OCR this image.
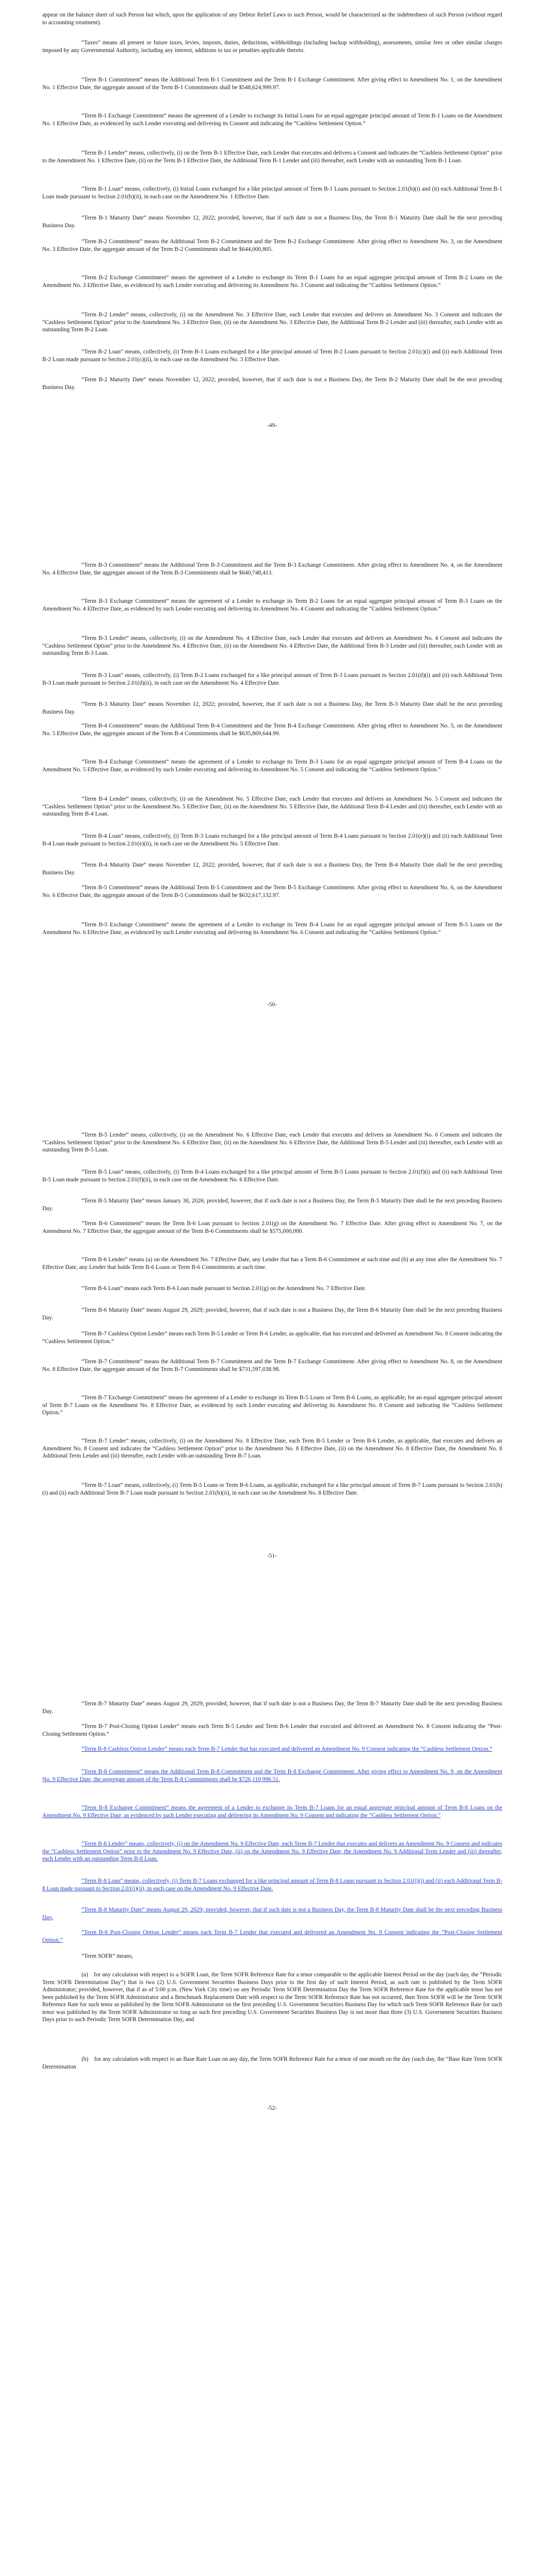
appear on the balance sheet of such Person but which, upon the application of any Debtor Relief Laws to such Person, would be characterized as the indebtedness of such Person (without regard to accounting treatment).

“Taxes” means all present or future taxes, levies, imposts, duties, deductions, withholdings (including backup withholding), assessments, similar fees or other similar charges imposed by any Governmental Authority, including any interest, additions to tax or penalties applicable thereto.

“Term B-1 Commitment” means the Additional Term B-1 Commitment and the Term B-1 Exchange Commitment. After giving effect to Amendment No. 1, on the Amendment No. 1 Effective Date, the aggregate amount of the Term B-1 Commitments shall be $548,624,999.97.

“Term B-1 Exchange Commitment” means the agreement of a Lender to exchange its Initial Loans for an equal aggregate principal amount of Term B-1 Loans on the Amendment No. 1 Effective Date, as evidenced by such Lender executing and delivering its Consent and indicating the “Cashless Settlement Option.”

“Term B-1 Lender” means, collectively, (i) on the Term B-1 Effective Date, each Lender that executes and delivers a Consent and indicates the “Cashless Settlement Option” prior to the Amendment No. 1 Effective Date, (ii) on the Term B-1 Effective Date, the Additional Term B-1 Lender and (iii) thereafter, each Lender with an outstanding Term B-1 Loan.

“Term B-1 Loan” means, collectively, (i) Initial Loans exchanged for a like principal amount of Term B-1 Loans pursuant to Section 2.01(b)(i) and (ii) each Additional Term B-1 Loan made pursuant to Section 2.01(b)(ii), in each case on the Amendment No. 1 Effective Date.

“Term B-1 Maturity Date” means November 12, 2022; provided, however, that if such date is not a Business Day, the Term B-1 Maturity Date shall be the next preceding Business Day.

“Term B-2 Commitment” means the Additional Term B-2 Commitment and the Term B-2 Exchange Commitment. After giving effect to Amendment No. 3, on the Amendment No. 3 Effective Date, the aggregate amount of the Term B-2 Commitments shall be $644,000,805.

“Term B-2 Exchange Commitment” means the agreement of a Lender to exchange its Term B-1 Loans for an equal aggregate principal amount of Term B-2 Loans on the Amendment No. 3 Effective Date, as evidenced by such Lender executing and delivering its Amendment No. 3 Consent and indicating the “Cashless Settlement Option.”

“Term B-2 Lender” means, collectively, (i) on the Amendment No. 3 Effective Date, each Lender that executes and delivers an Amendment No. 3 Consent and indicates the “Cashless Settlement Option” prior to the Amendment No. 3 Effective Date, (ii) on the Amendment No. 3 Effective Date, the Additional Term B-2 Lender and (iii) thereafter, each Lender with an outstanding Term B-2 Loan.

“Term B-2 Loan” means, collectively, (i) Term B-1 Loans exchanged for a like principal amount of Term B-2 Loans pursuant to Section 2.01(c)(i) and (ii) each Additional Term B-2 Loan made pursuant to Section 2.01(c)(ii), in each case on the Amendment No. 3 Effective Date.

“Term B-2 Maturity Date” means November 12, 2022; provided, however, that if such date is not a Business Day, the Term B-2 Maturity Date shall be the next preceding Business Day.

-49-

“Term B-3 Commitment” means the Additional Term B-3 Commitment and the Term B-3 Exchange Commitment. After giving effect to Amendment No. 4, on the Amendment No. 4 Effective Date, the aggregate amount of the Term B-3 Commitments shall be $640,748,413.

“Term B-3 Exchange Commitment” means the agreement of a Lender to exchange its Term B-2 Loans for an equal aggregate principal amount of Term B-3 Loans on the Amendment No. 4 Effective Date, as evidenced by such Lender executing and delivering its Amendment No. 4 Consent and indicating the “Cashless Settlement Option.”

“Term B-3 Lender” means, collectively, (i) on the Amendment No. 4 Effective Date, each Lender that executes and delivers an Amendment No. 4 Consent and indicates the “Cashless Settlement Option” prior to the Amendment No. 4 Effective Date, (ii) on the Amendment No. 4 Effective Date, the Additional Term B-3 Lender and (iii) thereafter, each Lender with an outstanding Term B-3 Loan.

“Term B-3 Loan” means, collectively, (i) Term B-2 Loans exchanged for a like principal amount of Term B-3 Loans pursuant to Section 2.01(d)(i) and (ii) each Additional Term B-3 Loan made pursuant to Section 2.01(d)(ii), in each case on the Amendment No. 4 Effective Date.

“Term B-3 Maturity Date” means November 12, 2022; provided, however, that if such date is not a Business Day, the Term B-3 Maturity Date shall be the next preceding Business Day.

“Term B-4 Commitment” means the Additional Term B-4 Commitment and the Term B-4 Exchange Commitment. After giving effect to Amendment No. 5, on the Amendment No. 5 Effective Date, the aggregate amount of the Term B-4 Commitments shall be $635,869,644.99.

“Term B-4 Exchange Commitment” means the agreement of a Lender to exchange its Term B-3 Loans for an equal aggregate principal amount of Term B-4 Loans on the Amendment No. 5 Effective Date, as evidenced by such Lender executing and delivering its Amendment No. 5 Consent and indicating the “Cashless Settlement Option.”

“Term B-4 Lender” means, collectively, (i) on the Amendment No. 5 Effective Date, each Lender that executes and delivers an Amendment No. 5 Consent and indicates the “Cashless Settlement Option” prior to the Amendment No. 5 Effective Date, (ii) on the Amendment No. 5 Effective Date, the Additional Term B-4 Lender and (iii) thereafter, each Lender with an outstanding Term B-4 Loan.

“Term B-4 Loan” means, collectively, (i) Term B-3 Loans exchanged for a like principal amount of Term B-4 Loans pursuant to Section 2.01(e)(i) and (ii) each Additional Term B-4 Loan made pursuant to Section 2.01(e)(ii), in each case on the Amendment No. 5 Effective Date.

“Term B-4 Maturity Date” means November 12, 2022; provided, however, that if such date is not a Business Day, the Term B-4 Maturity Date shall be the next preceding Business Day.

“Term B-5 Commitment” means the Additional Term B-5 Commitment and the Term B-5 Exchange Commitment. After giving effect to Amendment No. 6, on the Amendment No. 6 Effective Date, the aggregate amount of the Term B-5 Commitments shall be $632,617,132.97.

“Term B-5 Exchange Commitment” means the agreement of a Lender to exchange its Term B-4 Loans for an equal aggregate principal amount of Term B-5 Loans on the Amendment No. 6 Effective Date, as evidenced by such Lender executing and delivering its Amendment No. 6 Consent and indicating the “Cashless Settlement Option.”

-50-

“Term B-5 Lender” means, collectively, (i) on the Amendment No. 6 Effective Date, each Lender that executes and delivers an Amendment No. 6 Consent and indicates the “Cashless Settlement Option” prior to the Amendment No. 6 Effective Date, (ii) on the Amendment No. 6 Effective Date, the Additional Term B-5 Lender and (iii) thereafter, each Lender with an outstanding Term B-5 Loan.

“Term B-5 Loan” means, collectively, (i) Term B-4 Loans exchanged for a like principal amount of Term B-5 Loans pursuant to Section 2.01(f)(i) and (ii) each Additional Term B-5 Loan made pursuant to Section 2.01(f)(ii), in each case on the Amendment No. 6 Effective Date.

“Term B-5 Maturity Date” means January 30, 2026; provided, however, that if such date is not a Business Day, the Term B-5 Maturity Date shall be the next preceding Business Day.

“Term B-6 Commitment” means the Term B-6 Loan pursuant to Section 2.01(g) on the Amendment No. 7 Effective Date. After giving effect to Amendment No. 7, on the Amendment No. 7 Effective Date, the aggregate amount of the Term B-6 Commitments shall be $575,000,000.

“Term B-6 Lender” means (a) on the Amendment No. 7 Effective Date, any Lender that has a Term B-6 Commitment at such time and (b) at any time after the Amendment No. 7 Effective Date, any Lender that holds Term B-6 Loans or Term B-6 Commitments at such time.

“Term B-6 Loan” means each Term B-6 Loan made pursuant to Section 2.01(g) on the Amendment No. 7 Effective Date.

“Term B-6 Maturity Date” means August 29, 2029; provided, however, that if such date is not a Business Day, the Term B-6 Maturity Date shall be the next preceding Business Day.

“Term B-7 Cashless Option Lender” means each Term B-5 Lender or Term B-6 Lender, as applicable, that has executed and delivered an Amendment No. 8 Consent indicating the “Cashless Settlement Option.”

“Term B-7 Commitment” means the Additional Term B-7 Commitment and the Term B-7 Exchange Commitment. After giving effect to Amendment No. 8, on the Amendment No. 8 Effective Date, the aggregate amount of the Term B-7 Commitments shall be $731,597,038.98.

“Term B-7 Exchange Commitment” means the agreement of a Lender to exchange its Term B-5 Loans or Term B-6 Loans, as applicable, for an equal aggregate principal amount of Term B-7 Loans on the Amendment No. 8 Effective Date, as evidenced by such Lender executing and delivering its Amendment No. 8 Consent and indicating the “Cashless Settlement Option.”

“Term B-7 Lender” means, collectively, (i) on the Amendment No. 8 Effective Date, each Term B-5 Lender or Term B-6 Lender, as applicable, that executes and delivers an Amendment No. 8 Consent and indicates the “Cashless Settlement Option” prior to the Amendment No. 8 Effective Date, (ii) on the Amendment No. 8 Effective Date, the Amendment No. 8 Additional Term Lender and (iii) thereafter, each Lender with an outstanding Term B-7 Loan.

“Term B-7 Loan” means, collectively, (i) Term B-5 Loans or Term B-6 Loans, as applicable, exchanged for a like principal amount of Term B-7 Loans pursuant to Section 2.01(h)(i) and (ii) each Additional Term B-7 Loan made pursuant to Section 2.01(h)(ii), in each case on the Amendment No. 8 Effective Date.

-51-

“Term B-7 Maturity Date” means August 29, 2029; provided, however, that if such date is not a Business Day, the Term B-7 Maturity Date shall be the next preceding Business Day.

“Term B-7 Post-Closing Option Lender” means each Term B-5 Lender and Term B-6 Lender that executed and delivered an Amendment No. 8 Consent indicating the “Post-Closing Settlement Option.”

“Term B-8 Cashless Option Lender” means each Term B-7 Lender that has executed and delivered an Amendment No. 9 Consent indicating the “Cashless Settlement Option.”

“Term B-8 Commitment” means the Additional Term B-8 Commitment and the Term B-8 Exchange Commitment. After giving effect to Amendment No. 9, on the Amendment No. 9 Effective Date, the aggregate amount of the Term B-8 Commitments shall be $726,110,996.51.

“Term B-8 Exchange Commitment” means the agreement of a Lender to exchange its Term B-7 Loans for an equal aggregate principal amount of Term B-8 Loans on the Amendment No. 9 Effective Date, as evidenced by such Lender executing and delivering its Amendment No. 9 Consent and indicating the “Cashless Settlement Option.”

“Term B-8 Lender” means, collectively, (i) on the Amendment No. 9 Effective Date, each Term B-7 Lender that executes and delivers an Amendment No. 9 Consent and indicates the “Cashless Settlement Option” prior to the Amendment No. 9 Effective Date, (ii) on the Amendment No. 9 Effective Date, the Amendment No. 9 Additional Term Lender and (iii) thereafter, each Lender with an outstanding Term B-8 Loan.

“Term B-8 Loan” means, collectively, (i) Term B-7 Loans exchanged for a like principal amount of Term B-8 Loans pursuant to Section 2.01(i)(i) and (ii) each Additional Term B-8 Loan made pursuant to Section 2.01(i)(ii), in each case on the Amendment No. 9 Effective Date.

“Term B-8 Maturity Date” means August 29, 2029; provided, however, that if such date is not a Business Day, the Term B-8 Maturity Date shall be the next preceding Business Day.

“Term B-8 Post-Closing Option Lender” means each Term B-7 Lender that executed and delivered an Amendment No. 9 Consent indicating the “Post-Closing Settlement Option.”

“Term SOFR” means,

(a) for any calculation with respect to a SOFR Loan, the Term SOFR Reference Rate for a tenor comparable to the applicable Interest Period on the day (such day, the “Periodic Term SOFR Determination Day”) that is two (2) U.S. Government Securities Business Days prior to the first day of such Interest Period, as such rate is published by the Term SOFR Administrator; provided, however, that if as of 5:00 p.m. (New York City time) on any Periodic Term SOFR Determination Day the Term SOFR Reference Rate for the applicable tenor has not been published by the Term SOFR Administrator and a Benchmark Replacement Date with respect to the Term SOFR Reference Rate has not occurred, then Term SOFR will be the Term SOFR Reference Rate for such tenor as published by the Term SOFR Administrator on the first preceding U.S. Government Securities Business Day for which such Term SOFR Reference Rate for such tenor was published by the Term SOFR Administrator so long as such first preceding U.S. Government Securities Business Day is not more than three (3) U.S. Government Securities Business Days prior to such Periodic Term SOFR Determination Day, and

(b) for any calculation with respect to an Base Rate Loan on any day, the Term SOFR Reference Rate for a tenor of one month on the day (such day, the “Base Rate Term SOFR Determination

-52-
